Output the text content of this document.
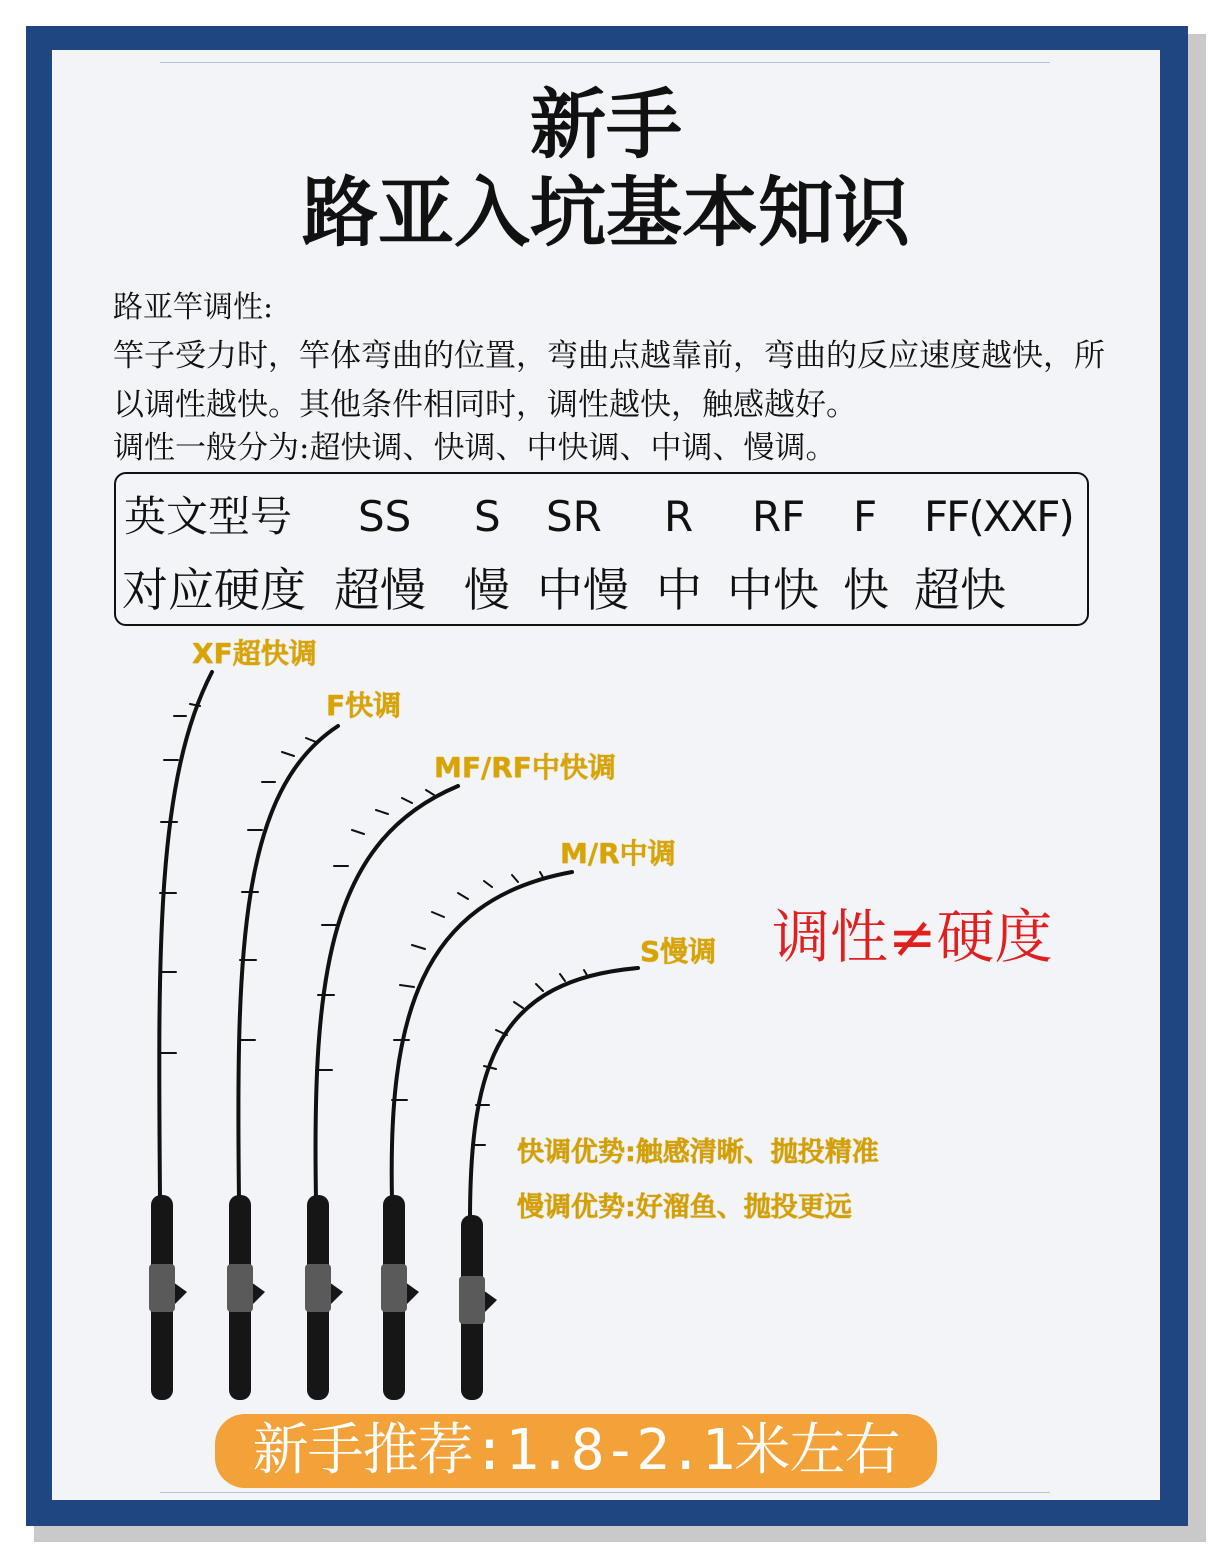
新手
路亚入坑基本知识

路亚竿调性:

竿子受力时，竿体弯曲的位置，弯曲点越靠前，弯曲的反应速度越快，所以调性越快。其他条件相同时，调性越快，触感越好。

调性一般分为:超快调、快调、中快调、中调、慢调。

英文型号 SS S SR R RF F FF(XXF)
对应硬度 超慢 慢 中慢 中 中快 快 超快
XF超快调
F快调
MF/RF中快调
M/R中调
S慢调 调性≠硬度
快调优势:触感清晰、抛投精准
慢调优势:好溜鱼、抛投更远
新手推荐:1.8-2.1米左右
